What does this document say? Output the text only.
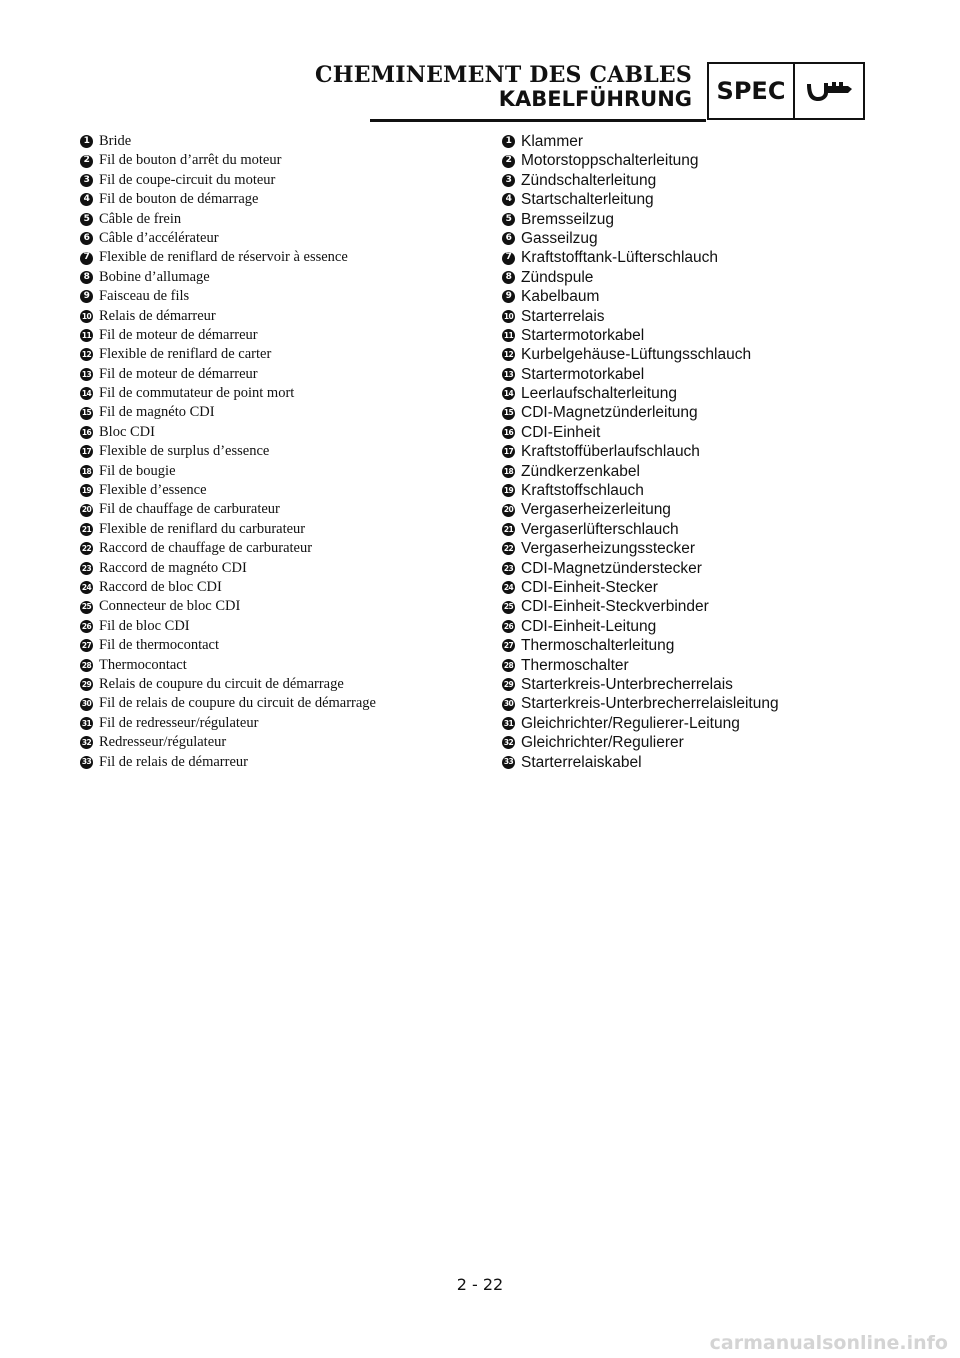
CHEMINEMENT DES CABLES
KABELFÜHRUNG	SPEC
1 Bride
2 Fil de bouton d’arrêt du moteur
3 Fil de coupe-circuit du moteur
4 Fil de bouton de démarrage
5 Câble de frein
6 Câble d’accélérateur
7 Flexible de reniflard de réservoir à essence
8 Bobine d’allumage
9 Faisceau de fils
10 Relais de démarreur
11 Fil de moteur de démarreur
12 Flexible de reniflard de carter
13 Fil de moteur de démarreur
14 Fil de commutateur de point mort
15 Fil de magnéto CDI
16 Bloc CDI
17 Flexible de surplus d’essence
18 Fil de bougie
19 Flexible d’essence
20 Fil de chauffage de carburateur
21 Flexible de reniflard du carburateur
22 Raccord de chauffage de carburateur
23 Raccord de magnéto CDI
24 Raccord de bloc CDI
25 Connecteur de bloc CDI
26 Fil de bloc CDI
27 Fil de thermocontact
28 Thermocontact
29 Relais de coupure du circuit de démarrage
30 Fil de relais de coupure du circuit de démarrage
31 Fil de redresseur/régulateur
32 Redresseur/régulateur
33 Fil de relais de démarreur
1 Klammer
2 Motorstoppschalterleitung
3 Zündschalterleitung
4 Startschalterleitung
5 Bremsseilzug
6 Gasseilzug
7 Kraftstofftank-Lüfterschlauch
8 Zündspule
9 Kabelbaum
10 Starterrelais
11 Startermotorkabel
12 Kurbelgehäuse-Lüftungsschlauch
13 Startermotorkabel
14 Leerlaufschalterleitung
15 CDI-Magnetzünderleitung
16 CDI-Einheit
17 Kraftstoffüberlaufschlauch
18 Zündkerzenkabel
19 Kraftstoffschlauch
20 Vergaserheizerleitung
21 Vergaserlüfterschlauch
22 Vergaserheizungsstecker
23 CDI-Magnetzünderstecker
24 CDI-Einheit-Stecker
25 CDI-Einheit-Steckverbinder
26 CDI-Einheit-Leitung
27 Thermoschalterleitung
28 Thermoschalter
29 Starterkreis-Unterbrecherrelais
30 Starterkreis-Unterbrecherrelaisleitung
31 Gleichrichter/Regulierer-Leitung
32 Gleichrichter/Regulierer
33 Starterrelaiskabel
2 - 22
carmanualsonline.info
